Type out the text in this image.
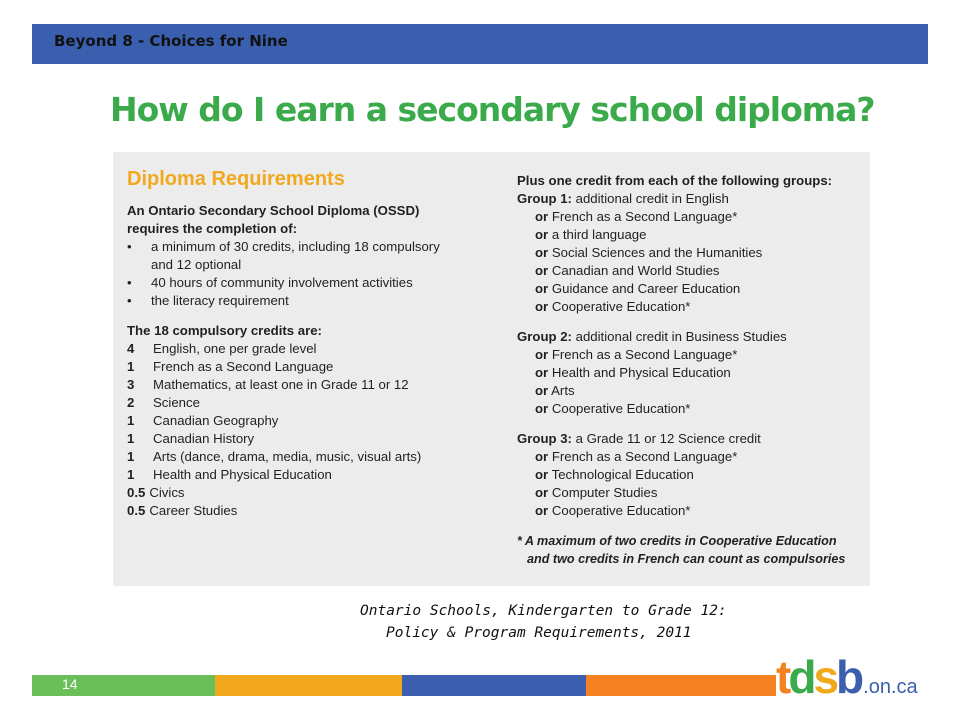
Beyond 8 - Choices for Nine
How do I earn a secondary school diploma?
Diploma Requirements
An Ontario Secondary School Diploma (OSSD)
requires the completion of:
• a minimum of 30 credits, including 18 compulsory
and 12 optional
• 40 hours of community involvement activities
• the literacy requirement
The 18 compulsory credits are:
4	English, one per grade level
1	French as a Second Language
3	Mathematics, at least one in Grade 11 or 12
2	Science
1	Canadian Geography
1	Canadian History
1	Arts (dance, drama, media, music, visual arts)
1	Health and Physical Education
0.5 Civics
0.5 Career Studies
Plus one credit from each of the following groups:
Group 1: additional credit in English
or French as a Second Language*
or a third language
or Social Sciences and the Humanities
or Canadian and World Studies
or Guidance and Career Education
or Cooperative Education*
Group 2: additional credit in Business Studies
or French as a Second Language*
or Health and Physical Education
or Arts
or Cooperative Education*
Group 3: a Grade 11 or 12 Science credit
or French as a Second Language*
or Technological Education
or Computer Studies
or Cooperative Education*
* A maximum of two credits in Cooperative Education
and two credits in French can count as compulsories
Ontario Schools, Kindergarten to Grade 12:
Policy & Program Requirements, 2011
14	tdsb .on.ca
